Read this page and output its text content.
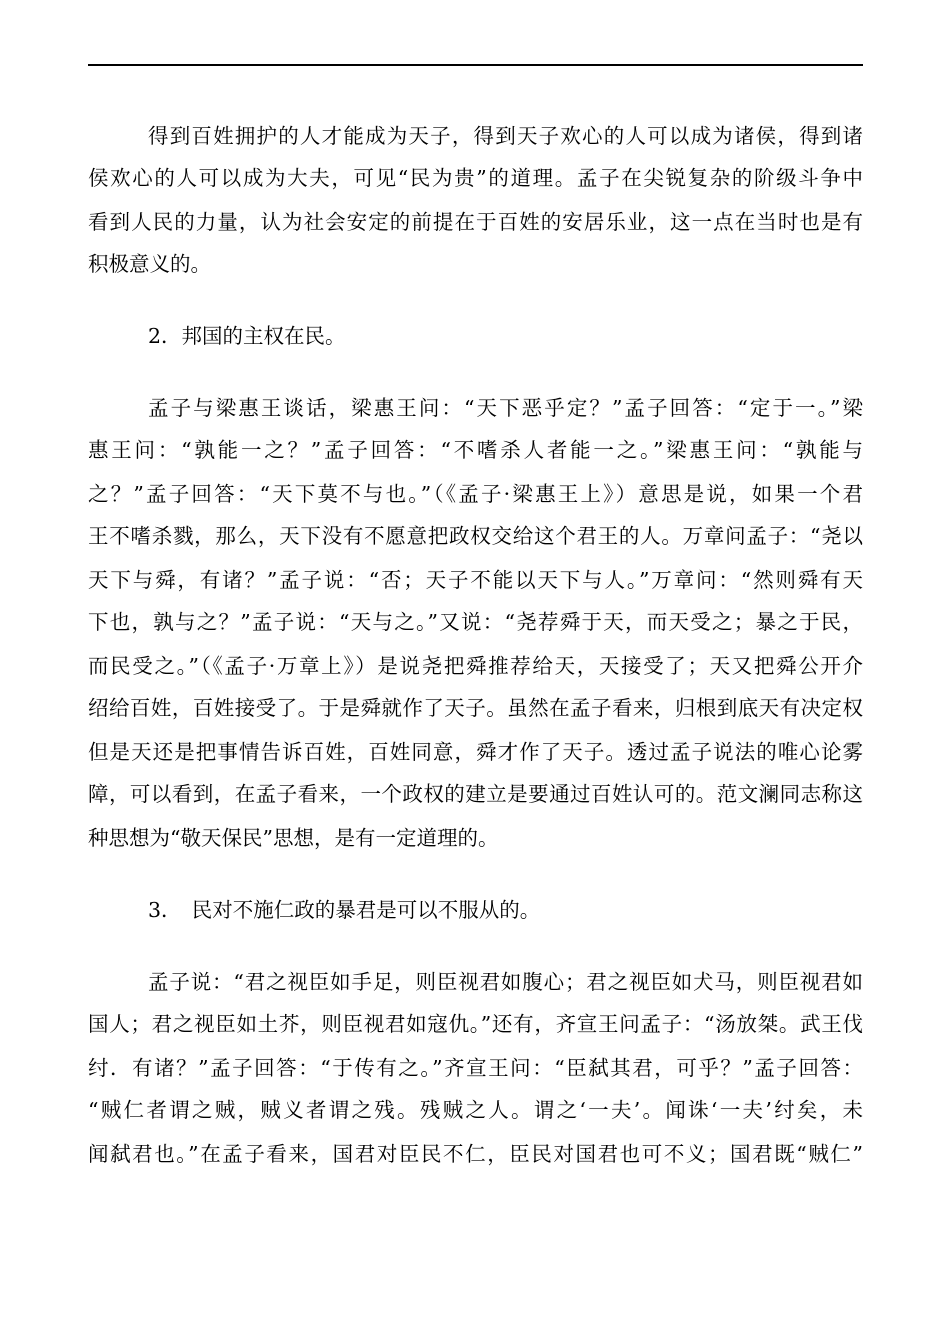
得到百姓拥护的人才能成为天子，得到天子欢心的人可以成为诸侯，得到诸
侯欢心的人可以成为大夫，可见“民为贵”的道理。孟子在尖锐复杂的阶级斗争中
看到人民的力量，认为社会安定的前提在于百姓的安居乐业，这一点在当时也是有
积极意义的。
2．邦国的主权在民。
孟子与梁惠王谈话，梁惠王问：“天下恶乎定？”孟子回答：“定于一。”梁
惠王问：“孰能一之？”孟子回答：“不嗜杀人者能一之。”梁惠王问：“孰能与
之？”孟子回答：“天下莫不与也。”（《孟子·梁惠王上》）意思是说，如果一个君
王不嗜杀戮，那么，天下没有不愿意把政权交给这个君王的人。万章问孟子：“尧以
天下与舜，有诸？”孟子说：“否；天子不能以天下与人。”万章问：“然则舜有天
下也，孰与之？”孟子说：“天与之。”又说：“尧荐舜于天，而天受之；暴之于民，
而民受之。”（《孟子·万章上》）是说尧把舜推荐给天，天接受了；天又把舜公开介
绍给百姓，百姓接受了。于是舜就作了天子。虽然在孟子看来，归根到底天有决定权
但是天还是把事情告诉百姓，百姓同意，舜才作了天子。透过孟子说法的唯心论雾
障，可以看到，在孟子看来，一个政权的建立是要通过百姓认可的。范文澜同志称这
种思想为“敬天保民”思想，是有一定道理的。
3．　民对不施仁政的暴君是可以不服从的。
孟子说：“君之视臣如手足，则臣视君如腹心；君之视臣如犬马，则臣视君如
国人；君之视臣如土芥，则臣视君如寇仇。”还有，齐宣王问孟子：“汤放桀。武王伐
纣．有诸？”孟子回答：“于传有之。”齐宣王问：“臣弑其君，可乎？”孟子回答：
“贼仁者谓之贼，贼义者谓之残。残贼之人。谓之‘一夫’。闻诛‘一夫’纣矣，未
闻弑君也。”在孟子看来，国君对臣民不仁，臣民对国君也可不义；国君既“贼仁”
